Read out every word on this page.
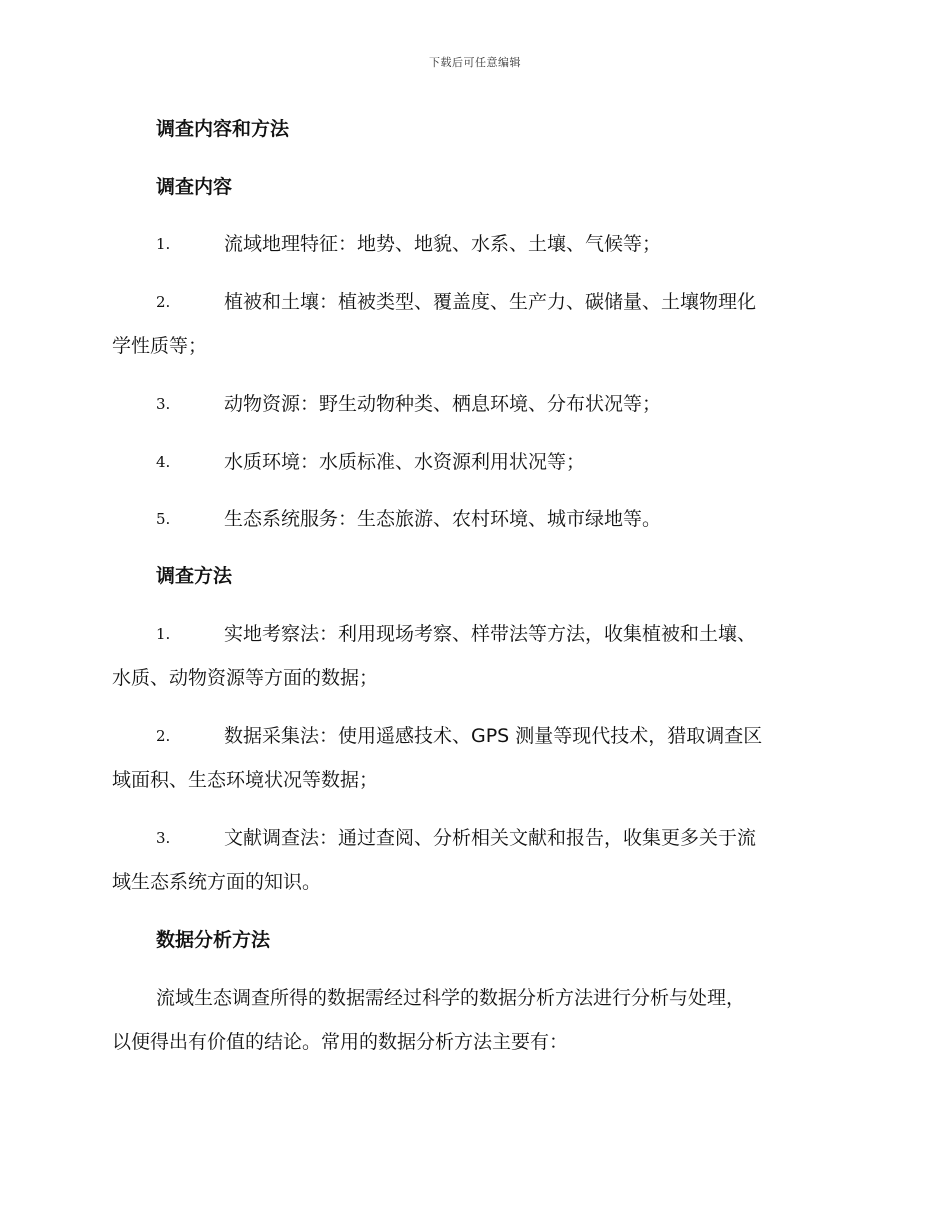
下载后可任意编辑
调查内容和方法
调查内容
1.	流域地理特征：地势、地貌、水系、土壤、气候等；
2.	植被和土壤：植被类型、覆盖度、生产力、碳储量、土壤物理化
学性质等；
3.	动物资源：野生动物种类、栖息环境、分布状况等；
4.	水质环境：水质标准、水资源利用状况等；
5.	生态系统服务：生态旅游、农村环境、城市绿地等。
调查方法
1.	实地考察法：利用现场考察、样带法等方法，收集植被和土壤、
水质、动物资源等方面的数据；
2.	数据采集法：使用遥感技术、GPS 测量等现代技术，猎取调查区
域面积、生态环境状况等数据；
3.	文献调查法：通过查阅、分析相关文献和报告，收集更多关于流
域生态系统方面的知识。
数据分析方法
流域生态调查所得的数据需经过科学的数据分析方法进行分析与处理，
以便得出有价值的结论。常用的数据分析方法主要有：
